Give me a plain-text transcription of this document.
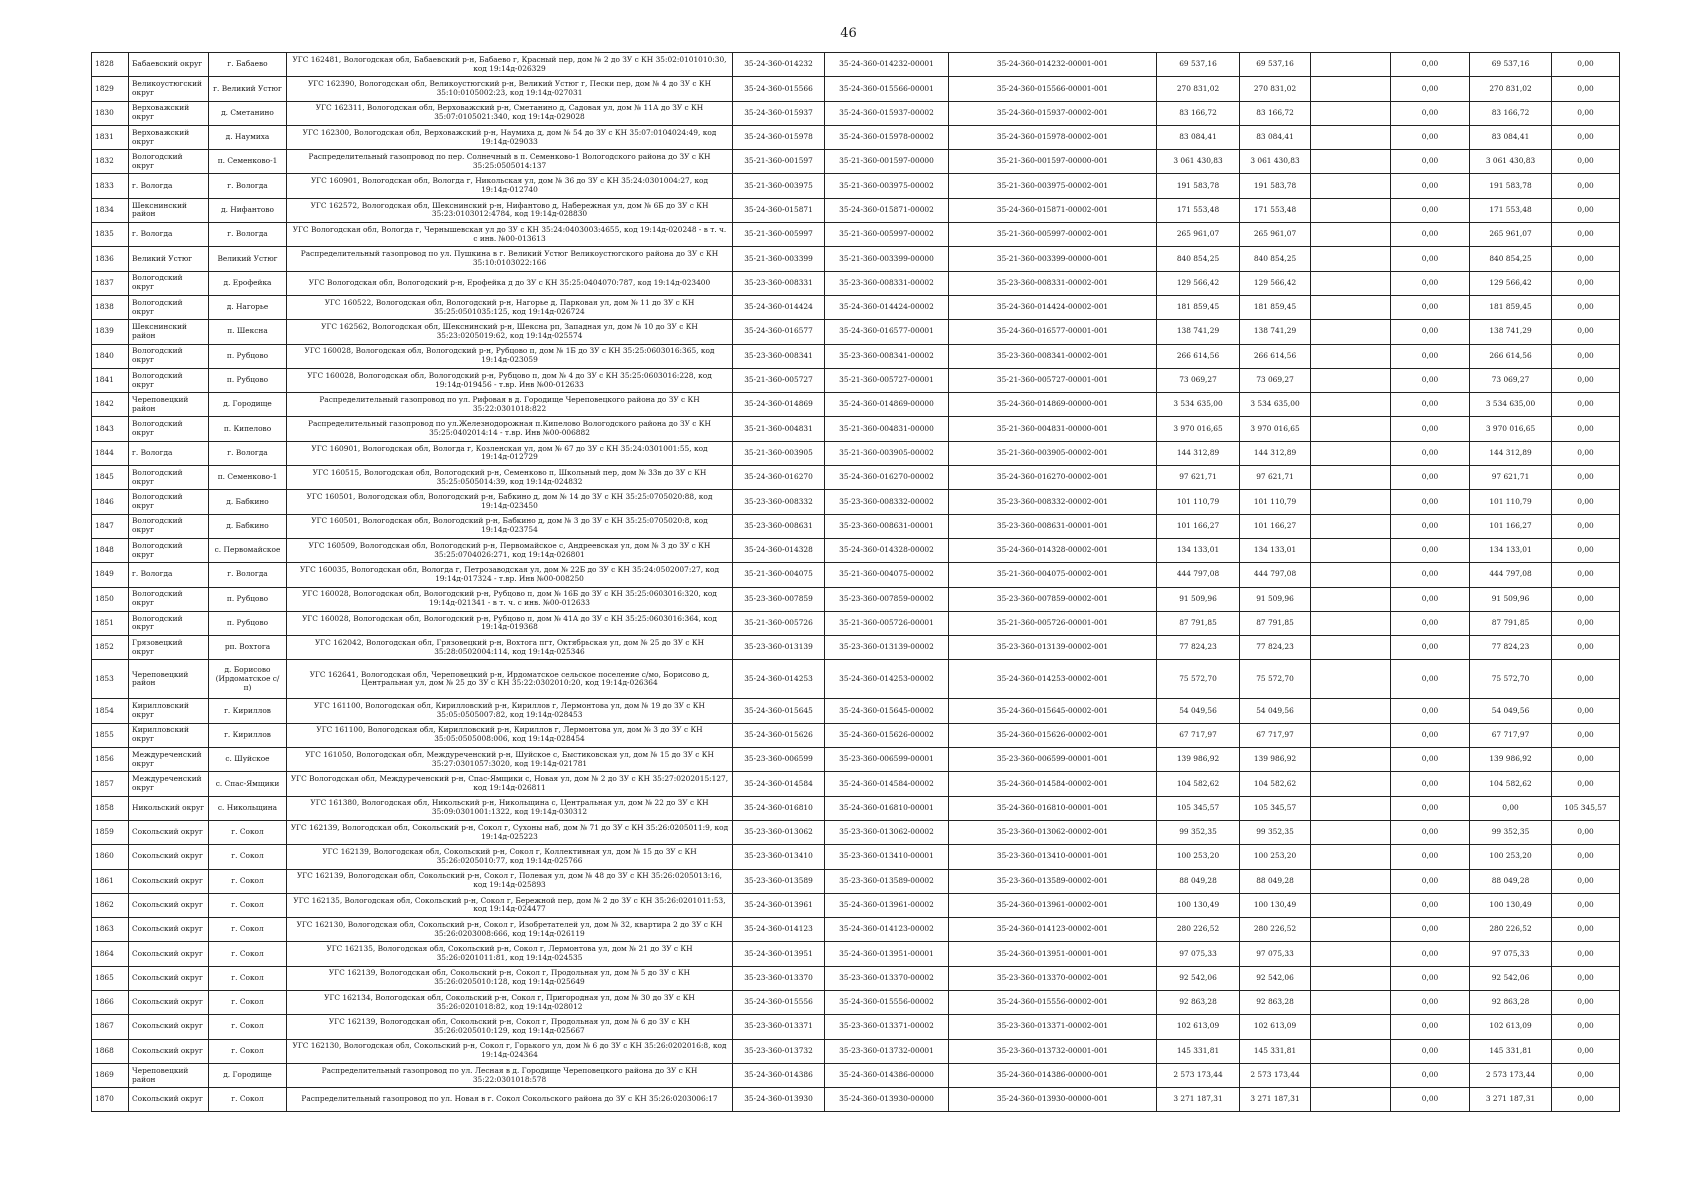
46
1828	Бабаевский округ	г. Бабаево	УГС 162481, Вологодская обл, Бабаевский р-н, Бабаево г, Красный пер, дом № 2 до ЗУ с КН 35:02:0101010:30, код 19:14д-026329	35-24-360-014232	35-24-360-014232-00001	35-24-360-014232-00001-001	69 537,16	69 537,16		0,00	69 537,16	0,00
1829	Великоустюгский округ	г. Великий Устюг	УГС 162390, Вологодская обл, Великоустюгский р-н, Великий Устюг г, Пески пер, дом № 4 до ЗУ с КН 35:10:0105002:23, код 19:14д-027031	35-24-360-015566	35-24-360-015566-00001	35-24-360-015566-00001-001	270 831,02	270 831,02		0,00	270 831,02	0,00
1830	Верховажский округ	д. Сметанино	УГС 162311, Вологодская обл, Верховажский р-н, Сметанино д, Садовая ул, дом № 11А до ЗУ с КН 35:07:0105021:340, код 19:14д-029028	35-24-360-015937	35-24-360-015937-00002	35-24-360-015937-00002-001	83 166,72	83 166,72		0,00	83 166,72	0,00
1831	Верховажский округ	д. Наумиха	УГС 162300, Вологодская обл, Верховажский р-н, Наумиха д, дом № 54 до ЗУ с КН 35:07:0104024:49, код 19:14д-029033	35-24-360-015978	35-24-360-015978-00002	35-24-360-015978-00002-001	83 084,41	83 084,41		0,00	83 084,41	0,00
1832	Вологодский округ	п. Семенково-1	Распределительный газопровод по пер. Солнечный в п. Семенково-1 Вологодского района до ЗУ с КН 35:25:0505014:137	35-21-360-001597	35-21-360-001597-00000	35-21-360-001597-00000-001	3 061 430,83	3 061 430,83		0,00	3 061 430,83	0,00
1833	г. Вологда	г. Вологда	УГС 160901, Вологодская обл, Вологда г, Никольская ул, дом № 36 до ЗУ с КН 35:24:0301004:27, код 19:14д-012740	35-21-360-003975	35-21-360-003975-00002	35-21-360-003975-00002-001	191 583,78	191 583,78		0,00	191 583,78	0,00
1834	Шекснинский район	д. Нифантово	УГС 162572, Вологодская обл, Шекснинский р-н, Нифантово д, Набережная ул, дом № 6Б до ЗУ с КН 35:23:0103012:4784, код 19:14д-028830	35-24-360-015871	35-24-360-015871-00002	35-24-360-015871-00002-001	171 553,48	171 553,48		0,00	171 553,48	0,00
1835	г. Вологда	г. Вологда	УГС Вологодская обл, Вологда г, Чернышевская ул до ЗУ с КН 35:24:0403003:4655, код 19:14д-020248 - в т. ч. с инв. №00-013613	35-21-360-005997	35-21-360-005997-00002	35-21-360-005997-00002-001	265 961,07	265 961,07		0,00	265 961,07	0,00
1836	Великий Устюг	Великий Устюг	Распределительный газопровод по ул. Пушкина в г. Великий Устюг Великоустюгского района до ЗУ с КН 35:10:0103022:166	35-21-360-003399	35-21-360-003399-00000	35-21-360-003399-00000-001	840 854,25	840 854,25		0,00	840 854,25	0,00
1837	Вологодский округ	д. Ерофейка	УГС Вологодская обл, Вологодский р-н, Ерофейка д до ЗУ с КН 35:25:0404070:787, код 19:14д-023400	35-23-360-008331	35-23-360-008331-00002	35-23-360-008331-00002-001	129 566,42	129 566,42		0,00	129 566,42	0,00
1838	Вологодский округ	д. Нагорье	УГС 160522, Вологодская обл, Вологодский р-н, Нагорье д, Парковая ул, дом № 11 до ЗУ с КН 35:25:0501035:125, код 19:14д-026724	35-24-360-014424	35-24-360-014424-00002	35-24-360-014424-00002-001	181 859,45	181 859,45		0,00	181 859,45	0,00
1839	Шекснинский район	п. Шексна	УГС 162562, Вологодская обл, Шекснинский р-н, Шексна рп, Западная ул, дом № 10 до ЗУ с КН 35:23:0205019:62, код 19:14д-025574	35-24-360-016577	35-24-360-016577-00001	35-24-360-016577-00001-001	138 741,29	138 741,29		0,00	138 741,29	0,00
1840	Вологодский округ	п. Рубцово	УГС 160028, Вологодская обл, Вологодский р-н, Рубцово п, дом № 1Б до ЗУ с КН 35:25:0603016:365, код 19:14д-023059	35-23-360-008341	35-23-360-008341-00002	35-23-360-008341-00002-001	266 614,56	266 614,56		0,00	266 614,56	0,00
1841	Вологодский округ	п. Рубцово	УГС 160028, Вологодская обл, Вологодский р-н, Рубцово п, дом № 4 до ЗУ с КН 35:25:0603016:228, код 19:14д-019456 - т.вр. Инв №00-012633	35-21-360-005727	35-21-360-005727-00001	35-21-360-005727-00001-001	73 069,27	73 069,27		0,00	73 069,27	0,00
1842	Череповецкий район	д. Городище	Распределительный газопровод по ул. Рифовая в д. Городище Череповецкого района до ЗУ с КН 35:22:0301018:822	35-24-360-014869	35-24-360-014869-00000	35-24-360-014869-00000-001	3 534 635,00	3 534 635,00		0,00	3 534 635,00	0,00
1843	Вологодский округ	п. Кипелово	Распределительный газопровод по ул.Железнодорожная п.Кипелово Вологодского района до ЗУ с КН 35:25:0402014:14 - т.вр. Инв №00-006882	35-21-360-004831	35-21-360-004831-00000	35-21-360-004831-00000-001	3 970 016,65	3 970 016,65		0,00	3 970 016,65	0,00
1844	г. Вологда	г. Вологда	УГС 160901, Вологодская обл, Вологда г, Козленская ул, дом № 67 до ЗУ с КН 35:24:0301001:55, код 19:14д-012729	35-21-360-003905	35-21-360-003905-00002	35-21-360-003905-00002-001	144 312,89	144 312,89		0,00	144 312,89	0,00
1845	Вологодский округ	п. Семенково-1	УГС 160515, Вологодская обл, Вологодский р-н, Семенково п, Школьный пер, дом № 33в до ЗУ с КН 35:25:0505014:39, код 19:14д-024832	35-24-360-016270	35-24-360-016270-00002	35-24-360-016270-00002-001	97 621,71	97 621,71		0,00	97 621,71	0,00
1846	Вологодский округ	д. Бабкино	УГС 160501, Вологодская обл, Вологодский р-н, Бабкино д, дом № 14 до ЗУ с КН 35:25:0705020:88, код 19:14д-023450	35-23-360-008332	35-23-360-008332-00002	35-23-360-008332-00002-001	101 110,79	101 110,79		0,00	101 110,79	0,00
1847	Вологодский округ	д. Бабкино	УГС 160501, Вологодская обл, Вологодский р-н, Бабкино д, дом № 3 до ЗУ с КН 35:25:0705020:8, код 19:14д-023754	35-23-360-008631	35-23-360-008631-00001	35-23-360-008631-00001-001	101 166,27	101 166,27		0,00	101 166,27	0,00
1848	Вологодский округ	с. Первомайское	УГС 160509, Вологодская обл, Вологодский р-н, Первомайское с, Андреевская ул, дом № 3 до ЗУ с КН 35:25:0704026:271, код 19:14д-026801	35-24-360-014328	35-24-360-014328-00002	35-24-360-014328-00002-001	134 133,01	134 133,01		0,00	134 133,01	0,00
1849	г. Вологда	г. Вологда	УГС 160035, Вологодская обл, Вологда г, Петрозаводская ул, дом № 22Б до ЗУ с КН 35:24:0502007:27, код 19:14д-017324 - т.вр. Инв №00-008250	35-21-360-004075	35-21-360-004075-00002	35-21-360-004075-00002-001	444 797,08	444 797,08		0,00	444 797,08	0,00
1850	Вологодский округ	п. Рубцово	УГС 160028, Вологодская обл, Вологодский р-н, Рубцово п, дом № 16Б до ЗУ с КН 35:25:0603016:320, код 19:14д-021341 - в т. ч. с инв. №00-012633	35-23-360-007859	35-23-360-007859-00002	35-23-360-007859-00002-001	91 509,96	91 509,96		0,00	91 509,96	0,00
1851	Вологодский округ	п. Рубцово	УГС 160028, Вологодская обл, Вологодский р-н, Рубцово п, дом № 41А до ЗУ с КН 35:25:0603016:364, код 19:14д-019368	35-21-360-005726	35-21-360-005726-00001	35-21-360-005726-00001-001	87 791,85	87 791,85		0,00	87 791,85	0,00
1852	Грязовецкий округ	рп. Вохтога	УГС 162042, Вологодская обл, Грязовецкий р-н, Вохтога пгт, Октябрьская ул, дом № 25 до ЗУ с КН 35:28:0502004:114, код 19:14д-025346	35-23-360-013139	35-23-360-013139-00002	35-23-360-013139-00002-001	77 824,23	77 824,23		0,00	77 824,23	0,00
1853	Череповецкий район	д. Борисово (Ирдоматское с/п)	УГС 162641, Вологодская обл, Череповецкий р-н, Ирдоматское сельское поселение с/мо, Борисово д, Центральная ул, дом № 25 до ЗУ с КН 35:22:0302010:20, код 19:14д-026364	35-24-360-014253	35-24-360-014253-00002	35-24-360-014253-00002-001	75 572,70	75 572,70		0,00	75 572,70	0,00
1854	Кирилловский округ	г. Кириллов	УГС 161100, Вологодская обл, Кирилловский р-н, Кириллов г, Лермонтова ул, дом № 19 до ЗУ с КН 35:05:0505007:82, код 19:14д-028453	35-24-360-015645	35-24-360-015645-00002	35-24-360-015645-00002-001	54 049,56	54 049,56		0,00	54 049,56	0,00
1855	Кирилловский округ	г. Кириллов	УГС 161100, Вологодская обл, Кирилловский р-н, Кириллов г, Лермонтова ул, дом № 3 до ЗУ с КН 35:05:0505008:006, код 19:14д-028454	35-24-360-015626	35-24-360-015626-00002	35-24-360-015626-00002-001	67 717,97	67 717,97		0,00	67 717,97	0,00
1856	Междуреченский округ	с. Шуйское	УГС 161050, Вологодская обл, Междуреченский р-н, Шуйское с, Быстиковская ул, дом № 15 до ЗУ с КН 35:27:0301057:3020, код 19:14д-021781	35-23-360-006599	35-23-360-006599-00001	35-23-360-006599-00001-001	139 986,92	139 986,92		0,00	139 986,92	0,00
1857	Междуреченский округ	с. Спас-Ямщики	УГС Вологодская обл, Междуреченский р-н, Спас-Ямщики с, Новая ул, дом № 2 до ЗУ с КН 35:27:0202015:127, код 19:14д-026811	35-24-360-014584	35-24-360-014584-00002	35-24-360-014584-00002-001	104 582,62	104 582,62		0,00	104 582,62	0,00
1858	Никольский округ	с. Никольщина	УГС 161380, Вологодская обл, Никольский р-н, Никольщина с, Центральная ул, дом № 22 до ЗУ с КН 35:09:0301001:1322, код 19:14д-030312	35-24-360-016810	35-24-360-016810-00001	35-24-360-016810-00001-001	105 345,57	105 345,57		0,00	0,00	105 345,57
1859	Сокольский округ	г. Сокол	УГС 162139, Вологодская обл, Сокольский р-н, Сокол г, Сухоны наб, дом № 71 до ЗУ с КН 35:26:0205011:9, код 19:14д-025223	35-23-360-013062	35-23-360-013062-00002	35-23-360-013062-00002-001	99 352,35	99 352,35		0,00	99 352,35	0,00
1860	Сокольский округ	г. Сокол	УГС 162139, Вологодская обл, Сокольский р-н, Сокол г, Коллективная ул, дом № 15 до ЗУ с КН 35:26:0205010:77, код 19:14д-025766	35-23-360-013410	35-23-360-013410-00001	35-23-360-013410-00001-001	100 253,20	100 253,20		0,00	100 253,20	0,00
1861	Сокольский округ	г. Сокол	УГС 162139, Вологодская обл, Сокольский р-н, Сокол г, Полевая ул, дом № 48 до ЗУ с КН 35:26:0205013:16, код 19:14д-025893	35-23-360-013589	35-23-360-013589-00002	35-23-360-013589-00002-001	88 049,28	88 049,28		0,00	88 049,28	0,00
1862	Сокольский округ	г. Сокол	УГС 162135, Вологодская обл, Сокольский р-н, Сокол г, Бережной пер, дом № 2 до ЗУ с КН 35:26:0201011:53, код 19:14д-024477	35-24-360-013961	35-24-360-013961-00002	35-24-360-013961-00002-001	100 130,49	100 130,49		0,00	100 130,49	0,00
1863	Сокольский округ	г. Сокол	УГС 162130, Вологодская обл, Сокольский р-н, Сокол г, Изобретателей ул, дом № 32, квартира 2 до ЗУ с КН 35:26:0203008:666, код 19:14д-026119	35-24-360-014123	35-24-360-014123-00002	35-24-360-014123-00002-001	280 226,52	280 226,52		0,00	280 226,52	0,00
1864	Сокольский округ	г. Сокол	УГС 162135, Вологодская обл, Сокольский р-н, Сокол г, Лермонтова ул, дом № 21 до ЗУ с КН 35:26:0201011:81, код 19:14д-024535	35-24-360-013951	35-24-360-013951-00001	35-24-360-013951-00001-001	97 075,33	97 075,33		0,00	97 075,33	0,00
1865	Сокольский округ	г. Сокол	УГС 162139, Вологодская обл, Сокольский р-н, Сокол г, Продольная ул, дом № 5 до ЗУ с КН 35:26:0205010:128, код 19:14д-025649	35-23-360-013370	35-23-360-013370-00002	35-23-360-013370-00002-001	92 542,06	92 542,06		0,00	92 542,06	0,00
1866	Сокольский округ	г. Сокол	УГС 162134, Вологодская обл, Сокольский р-н, Сокол г, Пригородная ул, дом № 30 до ЗУ с КН 35:26:0201018:82, код 19:14д-028012	35-24-360-015556	35-24-360-015556-00002	35-24-360-015556-00002-001	92 863,28	92 863,28		0,00	92 863,28	0,00
1867	Сокольский округ	г. Сокол	УГС 162139, Вологодская обл, Сокольский р-н, Сокол г, Продольная ул, дом № 6 до ЗУ с КН 35:26:0205010:129, код 19:14д-025667	35-23-360-013371	35-23-360-013371-00002	35-23-360-013371-00002-001	102 613,09	102 613,09		0,00	102 613,09	0,00
1868	Сокольский округ	г. Сокол	УГС 162130, Вологодская обл, Сокольский р-н, Сокол г, Горького ул, дом № 6 до ЗУ с КН 35:26:0202016:8, код 19:14д-024364	35-23-360-013732	35-23-360-013732-00001	35-23-360-013732-00001-001	145 331,81	145 331,81		0,00	145 331,81	0,00
1869	Череповецкий район	д. Городище	Распределительный газопровод по ул. Лесная в д. Городище Череповецкого района до ЗУ с КН 35:22:0301018:578	35-24-360-014386	35-24-360-014386-00000	35-24-360-014386-00000-001	2 573 173,44	2 573 173,44		0,00	2 573 173,44	0,00
1870	Сокольский округ	г. Сокол	Распределительный газопровод по ул. Новая в г. Сокол Сокольского района до ЗУ с КН 35:26:0203006:17	35-24-360-013930	35-24-360-013930-00000	35-24-360-013930-00000-001	3 271 187,31	3 271 187,31		0,00	3 271 187,31	0,00
